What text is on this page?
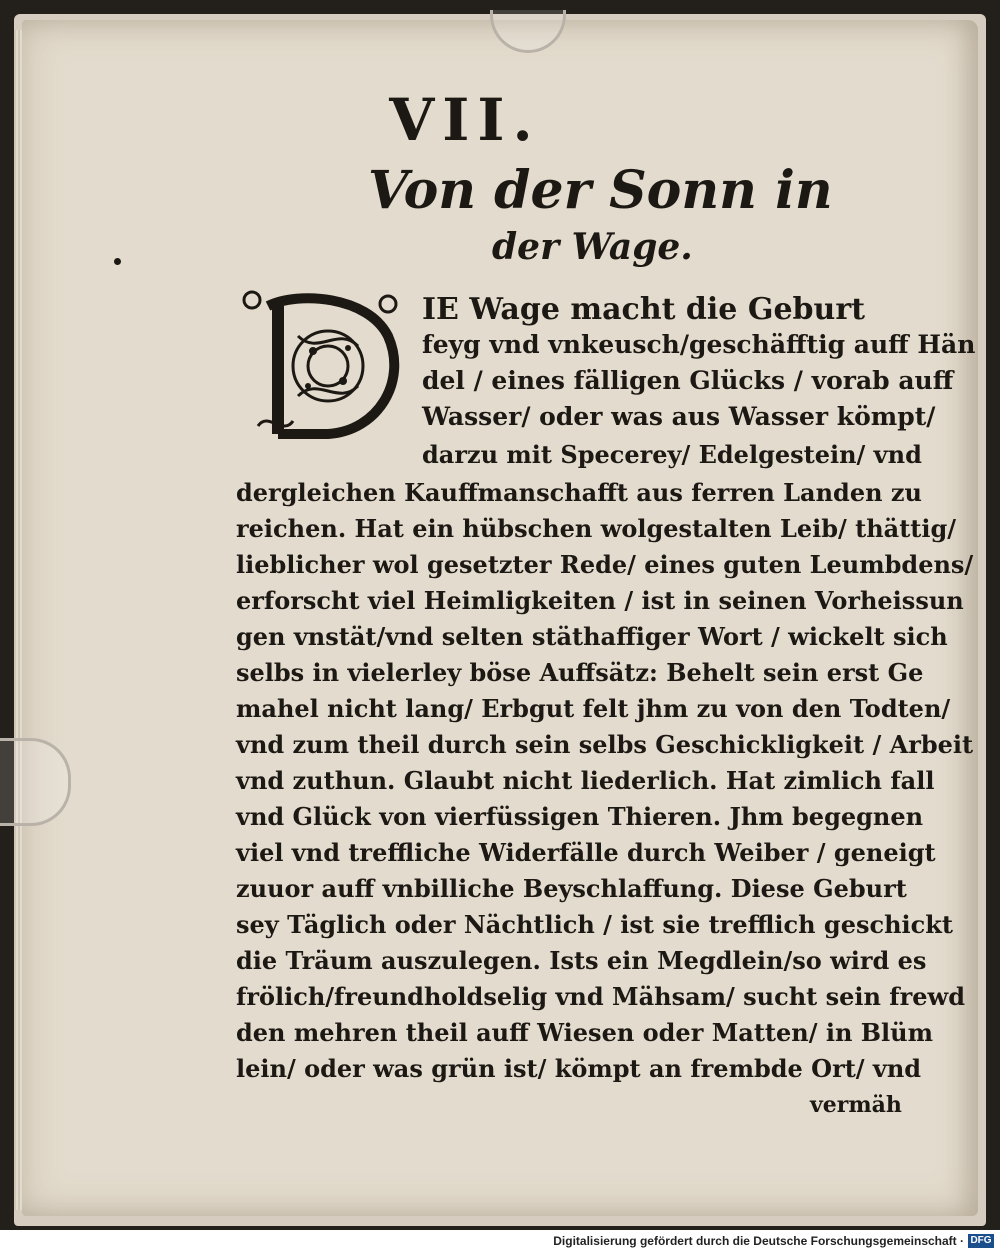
VII.
Von der Sonn in
der Wage.
IE Wage macht die Geburt
feyg vnd vnkeusch/geschäfftig auff Hän
del / eines fälligen Glücks / vorab auff
Wasser/ oder was aus Wasser kömpt/
darzu mit Specerey/ Edelgestein/ vnd
dergleichen Kauffmanschafft aus ferren Landen zu
reichen. Hat ein hübschen wolgestalten Leib/ thättig/
lieblicher wol gesetzter Rede/ eines guten Leumbdens/
erforscht viel Heimligkeiten / ist in seinen Vorheissun
gen vnstät/vnd selten stäthaffiger Wort / wickelt sich
selbs in vielerley böse Auffsätz: Behelt sein erst Ge
mahel nicht lang/ Erbgut felt jhm zu von den Todten/
vnd zum theil durch sein selbs Geschickligkeit / Arbeit
vnd zuthun. Glaubt nicht liederlich. Hat zimlich fall
vnd Glück von vierfüssigen Thieren. Jhm begegnen
viel vnd treffliche Widerfälle durch Weiber / geneigt
zuuor auff vnbilliche Beyschlaffung. Diese Geburt
sey Täglich oder Nächtlich / ist sie trefflich geschickt
die Träum auszulegen. Ists ein Megdlein/so wird es
frölich/freundholdselig vnd Mähsam/ sucht sein frewd
den mehren theil auff Wiesen oder Matten/ in Blüm
lein/ oder was grün ist/ kömpt an frembde Ort/ vnd
vermäh
Digitalisierung gefördert durch die Deutsche Forschungsgemeinschaft · DFG
